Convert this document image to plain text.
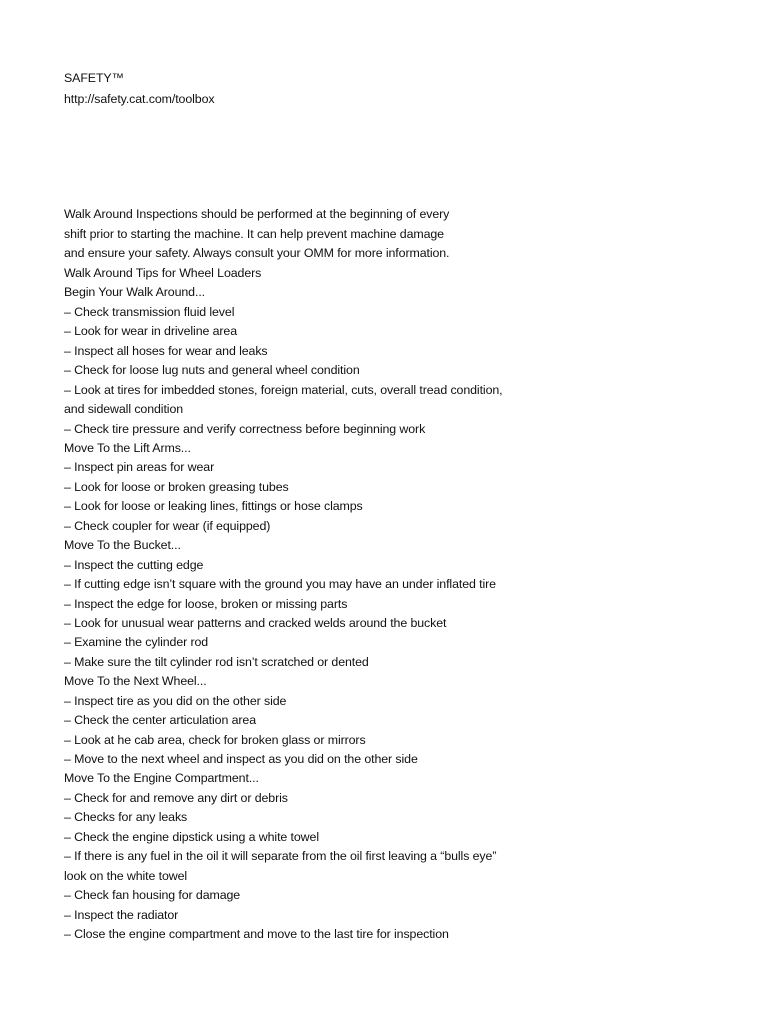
SAFETY™
http://safety.cat.com/toolbox
Walk Around Inspections should be performed at the beginning of every
shift prior to starting the machine. It can help prevent machine damage
and ensure your safety. Always consult your OMM for more information.
Walk Around Tips for Wheel Loaders
Begin Your Walk Around...
– Check transmission fluid level
– Look for wear in driveline area
– Inspect all hoses for wear and leaks
– Check for loose lug nuts and general wheel condition
– Look at tires for imbedded stones, foreign material, cuts, overall tread condition,
and sidewall condition
– Check tire pressure and verify correctness before beginning work
Move To the Lift Arms...
– Inspect pin areas for wear
– Look for loose or broken greasing tubes
– Look for loose or leaking lines, fittings or hose clamps
– Check coupler for wear (if equipped)
Move To the Bucket...
– Inspect the cutting edge
– If cutting edge isn’t square with the ground you may have an under inflated tire
– Inspect the edge for loose, broken or missing parts
– Look for unusual wear patterns and cracked welds around the bucket
– Examine the cylinder rod
– Make sure the tilt cylinder rod isn’t scratched or dented
Move To the Next Wheel...
– Inspect tire as you did on the other side
– Check the center articulation area
– Look at he cab area, check for broken glass or mirrors
– Move to the next wheel and inspect as you did on the other side
Move To the Engine Compartment...
– Check for and remove any dirt or debris
– Checks for any leaks
– Check the engine dipstick using a white towel
– If there is any fuel in the oil it will separate from the oil first leaving a “bulls eye”
look on the white towel
– Check fan housing for damage
– Inspect the radiator
– Close the engine compartment and move to the last tire for inspection
